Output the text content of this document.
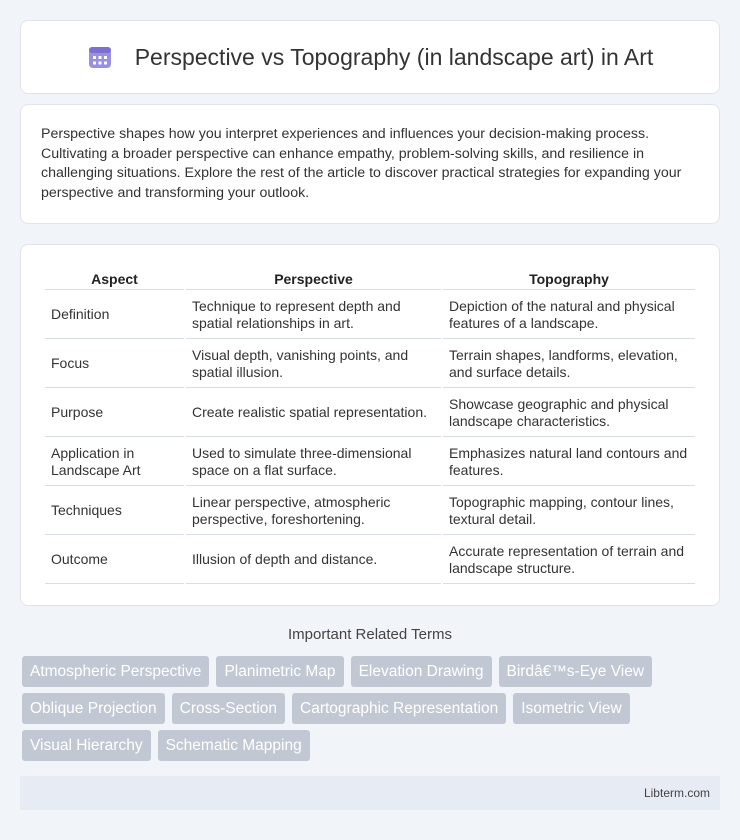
Perspective vs Topography (in landscape art) in Art

Perspective shapes how you interpret experiences and influences your decision-making process. Cultivating a broader perspective can enhance empathy, problem-solving skills, and resilience in challenging situations. Explore the rest of the article to discover practical strategies for expanding your perspective and transforming your outlook.

Aspect	Perspective	Topography
Definition	Technique to represent depth and spatial relationships in art.	Depiction of the natural and physical features of a landscape.
Focus	Visual depth, vanishing points, and spatial illusion.	Terrain shapes, landforms, elevation, and surface details.
Purpose	Create realistic spatial representation.	Showcase geographic and physical landscape characteristics.
Application in Landscape Art	Used to simulate three-dimensional space on a flat surface.	Emphasizes natural land contours and features.
Techniques	Linear perspective, atmospheric perspective, foreshortening.	Topographic mapping, contour lines, textural detail.
Outcome	Illusion of depth and distance.	Accurate representation of terrain and landscape structure.
Important Related Terms
Atmospheric Perspective	Planimetric Map	Elevation Drawing	Birdâ€™s-Eye View
Oblique Projection	Cross-Section	Cartographic Representation	Isometric View
Visual Hierarchy	Schematic Mapping
Libterm.com
